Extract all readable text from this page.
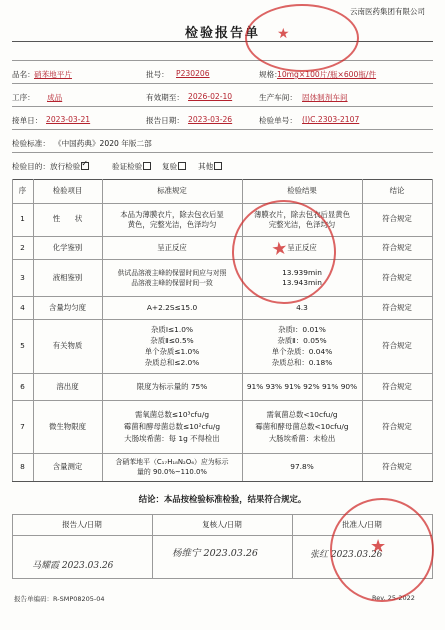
云南医药集团有限公司
检验报告单
品名： 硝苯地平片	批号： P230206	规格：
10mg×100片/瓶×600瓶/件
工序： 成品	有效期至： 2026-02-10	生产车间： 固体制剂车间
接单日： 2023-03-21	报告日期： 2023-03-26	检验单号： (I)C.2303-2107
检验标准： 《中国药典》2020 年版二部
检验目的： 放行检验✓	验证检验	复验	其他
序	检验项目	标准规定	检验结果	结论
1	性　　状	本品为薄膜衣片，除去包衣后显
黄色，完整光洁，色泽均匀
薄膜衣片，除去包衣后显黄色
完整光洁，色泽均匀
符合规定
2	化学鉴别	呈正反应	呈正反应	符合规定
3	液相鉴别	供试品溶液主峰的保留时间应与对照
品溶液主峰的保留时间一致
13.939min
13.943min
符合规定
4	含量均匀度	A+2.2S≤15.0	4.3	符合规定
5	有关物质
杂质Ⅰ≤1.0%
杂质Ⅱ≤0.5%
单个杂质≤1.0%
杂质总和≤2.0%
杂质Ⅰ：0.01%
杂质Ⅱ：0.05%
单个杂质：0.04%
杂质总和：0.18%
符合规定
6	溶出度	限度为标示量的 75%	91% 93% 91% 92% 91% 90%	符合规定
7	微生物限度
需氧菌总数≤10³cfu/g
霉菌和酵母菌总数≤10²cfu/g
大肠埃希菌：每 1g 不得检出
需氧菌总数<10cfu/g
霉菌和酵母菌总数<10cfu/g
大肠埃希菌：未检出
符合规定
8	含量测定	含硝苯地平（C₁₇H₁₈N₂O₆）应为标示
量的 90.0%~110.0%
97.8%	符合规定
结论：本品按检验标准检验，结果符合规定。
报告人/日期	复核人/日期	批准人/日期
马耀霞 2023.03.26
杨维宁 2023.03.26	张红 2023.03.26
报告单编码：R-SMP08205-04	Rev. 25-2022
★
★
★
